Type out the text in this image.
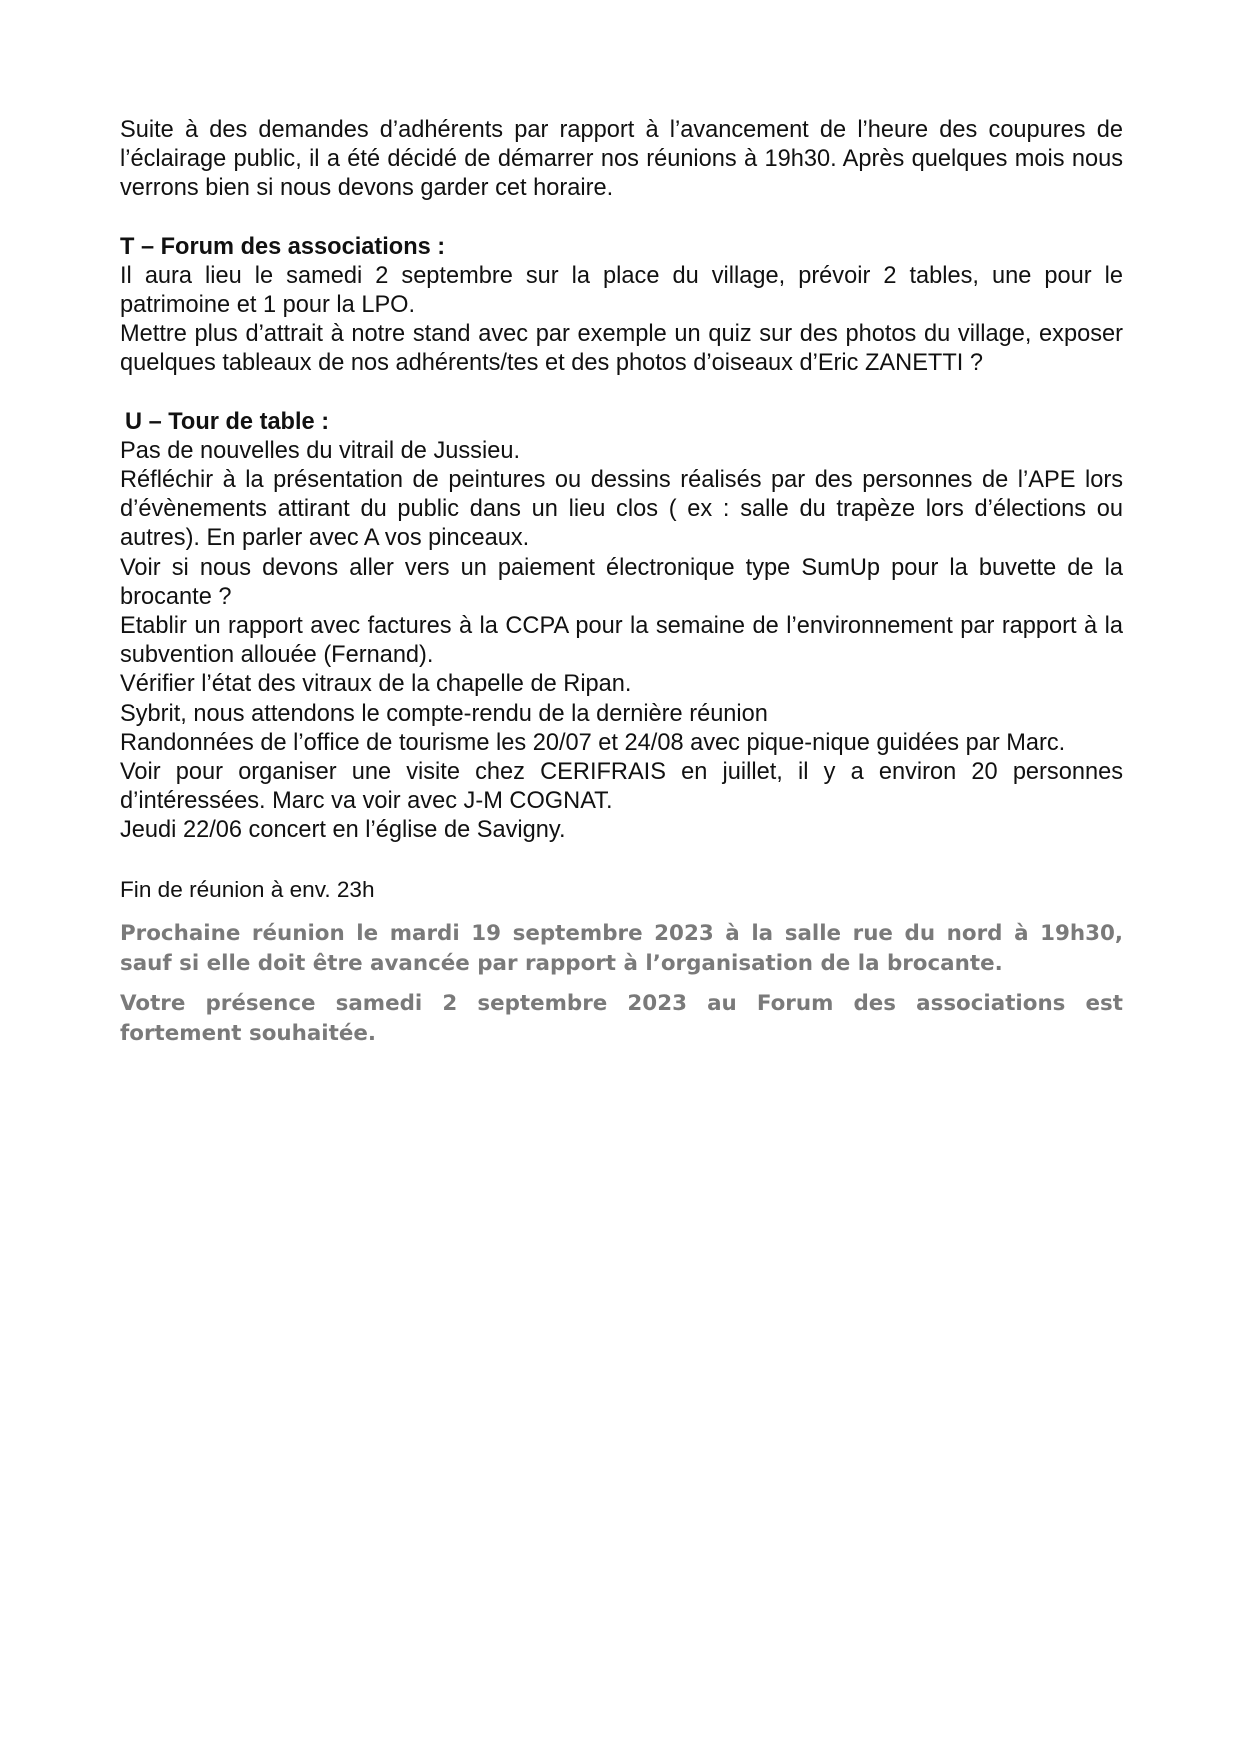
Suite à des demandes d’adhérents par rapport à l’avancement de l’heure des coupures de l’éclairage public, il a été décidé de démarrer nos réunions à 19h30. Après quelques mois nous verrons bien si nous devons garder cet horaire.

T – Forum des associations :

Il aura lieu le samedi 2 septembre sur la place du village, prévoir 2 tables, une pour le patrimoine et 1 pour la LPO.

Mettre plus d’attrait à notre stand avec par exemple un quiz sur des photos du village, exposer quelques tableaux de nos adhérents/tes et des photos d’oiseaux d’Eric ZANETTI ?

U – Tour de table :

Pas de nouvelles du vitrail de Jussieu.

Réfléchir à la présentation de peintures ou dessins réalisés par des personnes de l’APE lors d’évènements attirant du public dans un lieu clos ( ex : salle du trapèze lors d’élections ou autres). En parler avec A vos pinceaux.

Voir si nous devons aller vers un paiement électronique type SumUp pour la buvette de la brocante ?

Etablir un rapport avec factures à la CCPA pour la semaine de l’environnement par rapport à la subvention allouée (Fernand).

Vérifier l’état des vitraux de la chapelle de Ripan.

Sybrit, nous attendons le compte-rendu de la dernière réunion

Randonnées de l’office de tourisme les 20/07 et 24/08 avec pique-nique guidées par Marc.

Voir pour organiser une visite chez CERIFRAIS en juillet, il y a environ 20 personnes d’intéressées. Marc va voir avec J-M COGNAT.

Jeudi 22/06 concert en l’église de Savigny.

Fin de réunion à env. 23h

Prochaine réunion le mardi 19 septembre 2023 à la salle rue du nord à 19h30, sauf si elle doit être avancée par rapport à l’organisation de la brocante.

Votre présence samedi 2 septembre 2023 au Forum des associations est fortement souhaitée.
